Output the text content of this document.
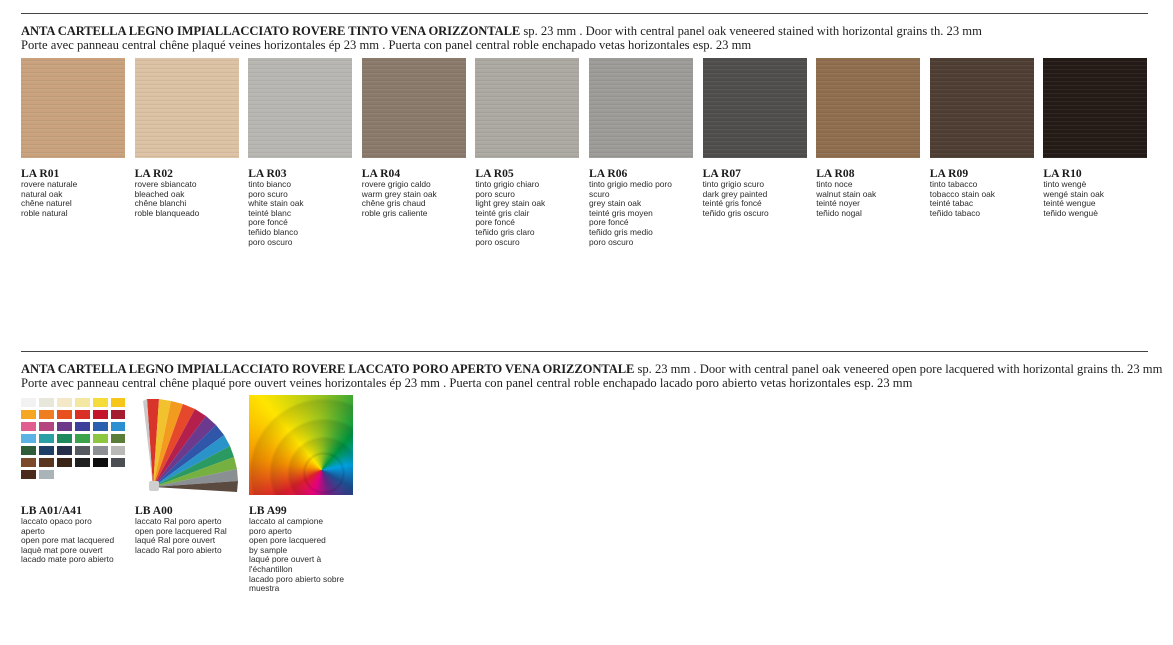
ANTA CARTELLA LEGNO IMPIALLACCIATO ROVERE TINTO VENA ORIZZONTALE sp. 23 mm . Door with central panel oak veneered stained with horizontal grains th. 23 mm
Porte avec panneau central chêne plaqué veines horizontales ép 23 mm . Puerta con panel central roble enchapado vetas horizontales esp. 23 mm
LA R01
rovere naturale
natural oak
chêne naturel
roble natural
LA R02
rovere sbiancato
bleached oak
chêne blanchi
roble blanqueado
LA R03
tinto bianco
poro scuro
white stain oak
teinté blanc
pore foncé
teñido blanco
poro oscuro
LA R04
rovere grigio caldo
warm grey stain oak
chêne gris chaud
roble gris caliente
LA R05
tinto grigio chiaro
poro scuro
light grey stain oak
teinté gris clair
pore foncé
teñido gris claro
poro oscuro
LA R06
tinto grigio medio poro
scuro
grey stain oak
teinté gris moyen
pore foncé
teñido gris medio
poro oscuro
LA R07
tinto grigio scuro
dark grey painted
teinté gris foncé
teñido gris oscuro
LA R08
tinto noce
walnut stain oak
teinté noyer
teñido nogal
LA R09
tinto tabacco
tobacco stain oak
teinté tabac
teñido tabaco
LA R10
tinto wengè
wengé stain oak
teinté wengue
teñido wenguè
ANTA CARTELLA LEGNO IMPIALLACCIATO ROVERE LACCATO PORO APERTO VENA ORIZZONTALE sp. 23 mm . Door with central panel oak veneered open pore lacquered with horizontal grains th. 23 mm
Porte avec panneau central chêne plaqué pore ouvert veines horizontales ép 23 mm . Puerta con panel central roble enchapado lacado poro abierto vetas horizontales esp. 23 mm
LB A01/A41
laccato opaco poro aperto
open pore mat lacquered
laquè mat pore ouvert
lacado mate poro abierto
LB A00
laccato Ral poro aperto
open pore lacquered Ral
laqué Ral pore ouvert
lacado Ral poro abierto
LB A99
laccato al campione
poro aperto
open pore lacquered
by sample
laqué pore ouvert à
l'échantillon
lacado poro abierto sobre
muestra
